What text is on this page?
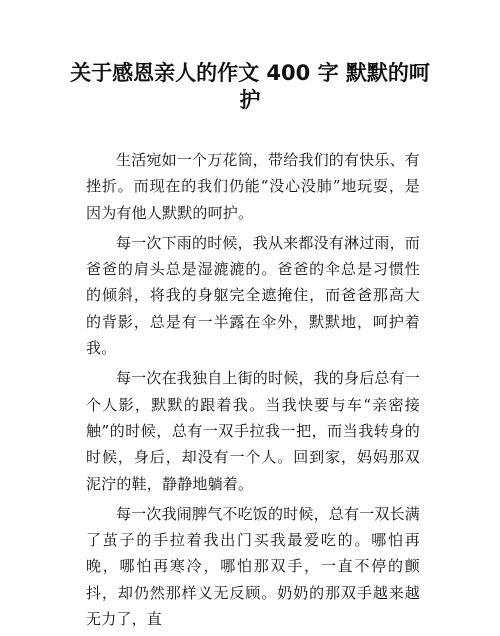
关于感恩亲人的作文 400 字 默默的呵护

生活宛如一个万花筒，带给我们的有快乐、有挫折。而现在的我们仍能“没心没肺”地玩耍，是因为有他人默默的呵护。

每一次下雨的时候，我从来都没有淋过雨，而爸爸的肩头总是湿漉漉的。爸爸的伞总是习惯性的倾斜，将我的身躯完全遮掩住，而爸爸那高大的背影，总是有一半露在伞外，默默地，呵护着我。

每一次在我独自上街的时候，我的身后总有一个人影，默默的跟着我。当我快要与车“亲密接触”的时候，总有一双手拉我一把，而当我转身的时候，身后，却没有一个人。回到家，妈妈那双泥泞的鞋，静静地躺着。

每一次我闹脾气不吃饭的时候，总有一双长满了茧子的手拉着我出门买我最爱吃的。哪怕再晚，哪怕再寒冷，哪怕那双手，一直不停的颤抖，却仍然那样义无反顾。奶奶的那双手越来越无力了，直
